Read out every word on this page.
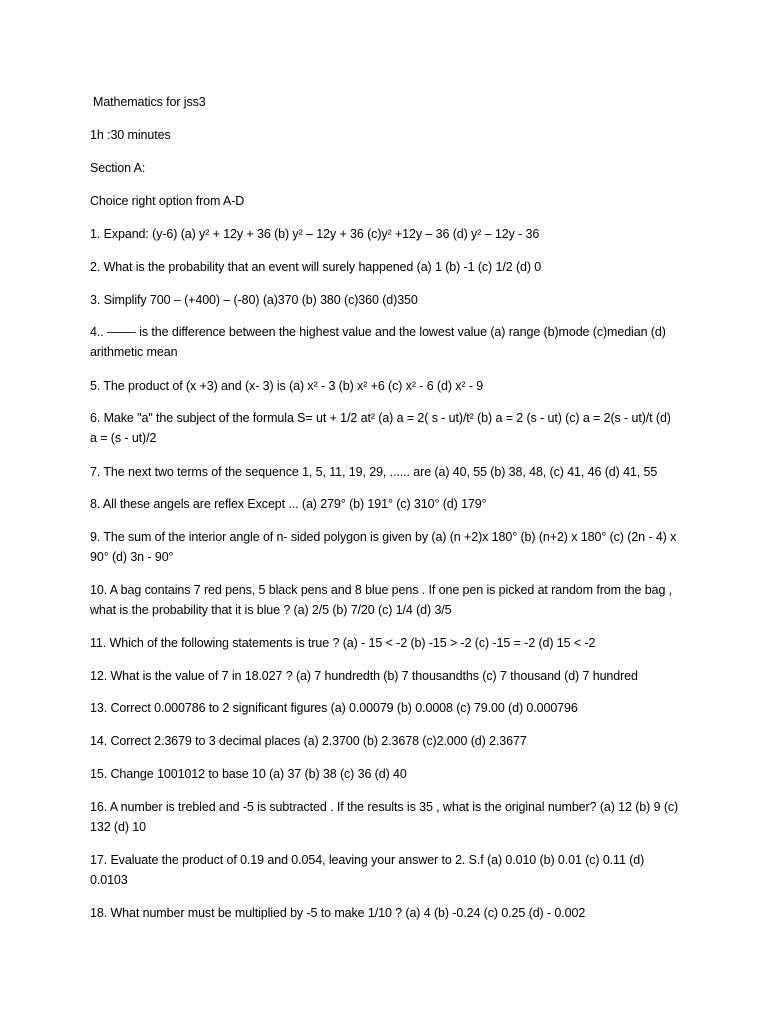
Mathematics for jss3
1h :30 minutes
Section A:
Choice right option from A-D
1. Expand: (y-6) (a) y² + 12y + 36 (b) y² – 12y + 36 (c)y² +12y – 36 (d) y² – 12y - 36
2. What is the probability that an event will surely happened (a) 1 (b) -1 (c) 1/2 (d) 0
3. Simplify 700 – (+400) – (-80) (a)370 (b) 380 (c)360 (d)350
4.. ——- is the difference between the highest value and the lowest value (a) range (b)mode (c)median (d) arithmetic mean
5. The product of (x +3) and (x- 3) is (a) x² - 3 (b) x² +6 (c) x² - 6 (d) x² - 9
6. Make "a" the subject of the formula S= ut + 1/2 at² (a) a = 2( s - ut)/t² (b) a = 2 (s - ut) (c) a = 2(s - ut)/t (d) a = (s - ut)/2
7. The next two terms of the sequence 1, 5, 11, 19, 29, ...... are (a) 40, 55 (b) 38, 48, (c) 41, 46 (d) 41, 55
8. All these angels are reflex Except ... (a) 279° (b) 191° (c) 310° (d) 179°
9. The sum of the interior angle of n- sided polygon is given by (a) (n +2)x 180° (b) (n+2) x 180° (c) (2n - 4) x 90° (d) 3n - 90°
10. A bag contains 7 red pens, 5 black pens and 8 blue pens . If one pen is picked at random from the bag , what is the probability that it is blue ? (a) 2/5 (b) 7/20 (c) 1/4 (d) 3/5
11. Which of the following statements is true ? (a) - 15 < -2 (b) -15 > -2 (c) -15 = -2 (d) 15 < -2
12. What is the value of 7 in 18.027 ? (a) 7 hundredth (b) 7 thousandths (c) 7 thousand (d) 7 hundred
13. Correct 0.000786 to 2 significant figures (a) 0.00079 (b) 0.0008 (c) 79.00 (d) 0.000796
14. Correct 2.3679 to 3 decimal places (a) 2.3700 (b) 2.3678 (c)2.000 (d) 2.3677
15. Change 1001012 to base 10 (a) 37 (b) 38 (c) 36 (d) 40
16. A number is trebled and -5 is subtracted . If the results is 35 , what is the original number? (a) 12 (b) 9 (c) 132 (d) 10
17. Evaluate the product of 0.19 and 0.054, leaving your answer to 2. S.f (a) 0.010 (b) 0.01 (c) 0.11 (d) 0.0103
18. What number must be multiplied by -5 to make 1/10 ? (a) 4 (b) -0.24 (c) 0.25 (d) - 0.002
